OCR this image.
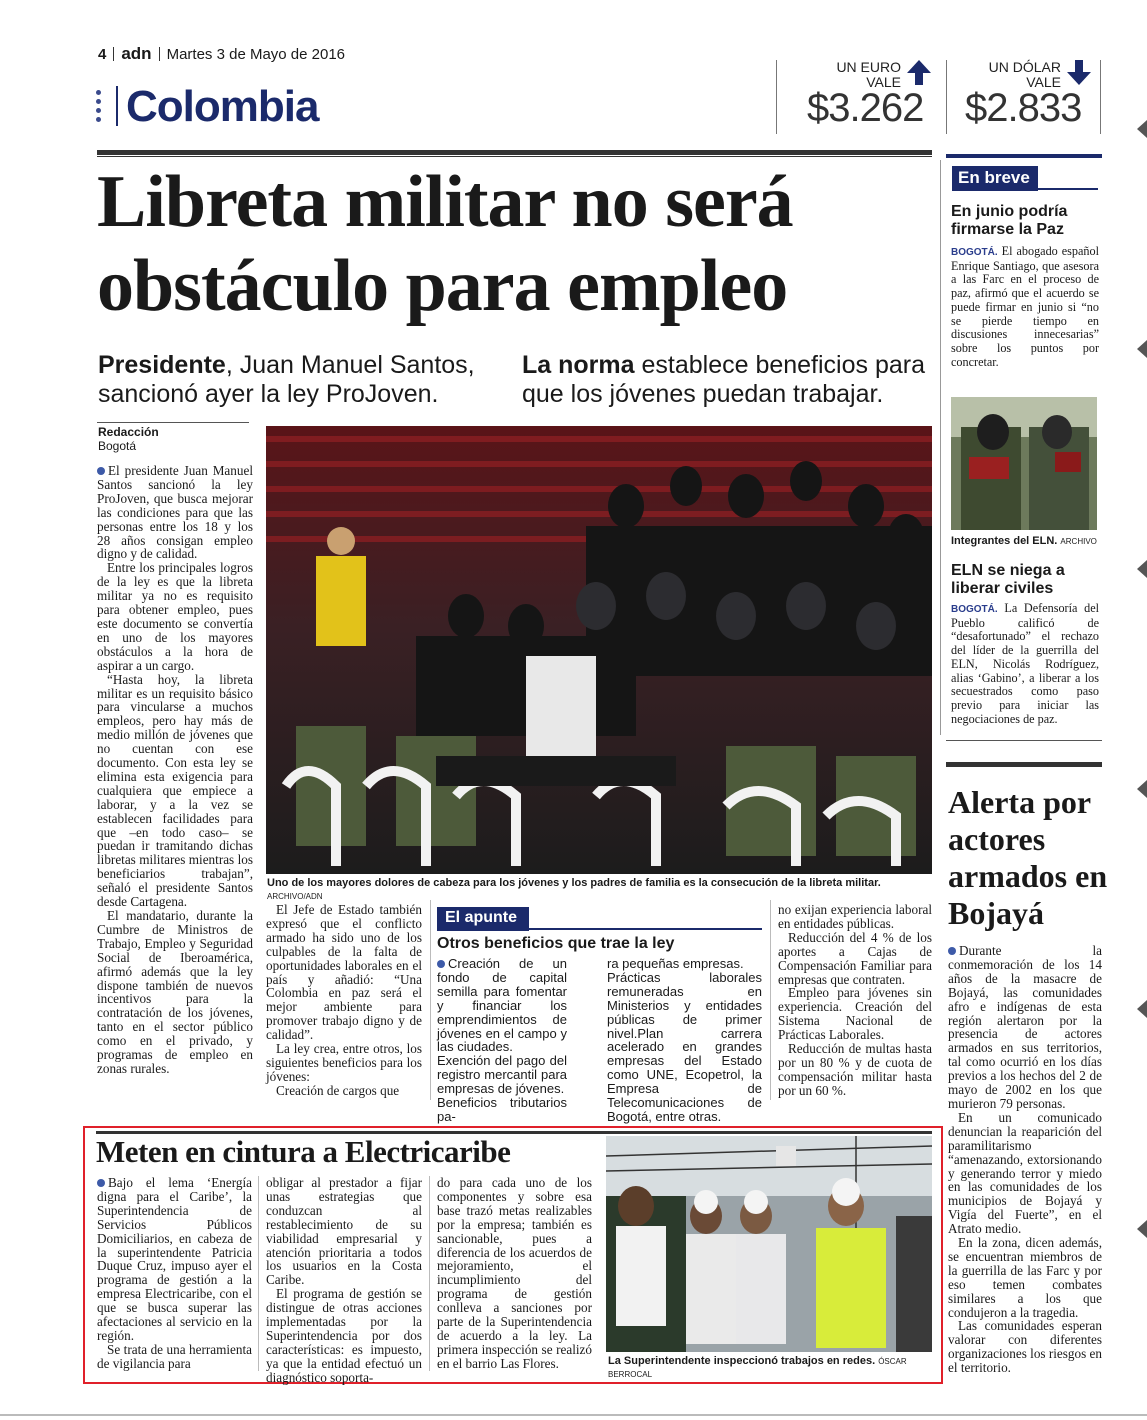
4 adn Martes 3 de Mayo de 2016
Colombia
UN EURO
VALE
$3.262
UN DÓLAR
VALE
$2.833
Libreta militar no será
obstáculo para empleo
Presidente, Juan Manuel Santos, sancionó ayer la ley ProJoven.
La norma establece beneficios para que los jóvenes puedan trabajar.
Redacción
Bogotá

El presidente Juan Manuel Santos sancionó la ley ProJoven, que busca mejorar las condiciones para que las personas entre los 18 y los 28 años consigan empleo digno y de calidad.

Entre los principales logros de la ley es que la libreta militar ya no es requisito para obtener empleo, pues este documento se convertía en uno de los mayores obstáculos a la hora de aspirar a un cargo.

“Hasta hoy, la libreta militar es un requisito básico para vincularse a muchos empleos, pero hay más de medio millón de jóvenes que no cuentan con ese documento. Con esta ley se elimina esta exigencia para cualquiera que empiece a laborar, y a la vez se establecen facilidades para que –en todo caso– se puedan ir tramitando dichas libretas militares mientras los beneficiarios trabajan”, señaló el presidente Santos desde Cartagena.

El mandatario, durante la Cumbre de Ministros de Trabajo, Empleo y Seguridad Social de Iberoamérica, afirmó además que la ley dispone también de nuevos incentivos para la contratación de los jóvenes, tanto en el sector público como en el privado, y programas de empleo en zonas rurales.

Uno de los mayores dolores de cabeza para los jóvenes y los padres de familia es la consecución de la libreta militar. ARCHIVO/ADN

El Jefe de Estado también expresó que el conflicto armado ha sido uno de los culpables de la falta de oportunidades laborales en el país y añadió: “Una Colombia en paz será el mejor ambiente para promover trabajo digno y de calidad”.

La ley crea, entre otros, los siguientes beneficios para los jóvenes:

Creación de cargos que

El apunte
Otros beneficios que trae la ley

Creación de un fondo de capital semilla para fomentar y financiar los emprendimientos de jóvenes en el campo y las ciudades.

Exención del pago del registro mercantil para empresas de jóvenes.

Beneficios tributarios pa-

ra pequeñas empresas.

Prácticas laborales remuneradas en Ministerios y entidades públicas de primer nivel.Plan carrera acelerado en grandes empresas del Estado como UNE, Ecopetrol, la Empresa de Telecomunicaciones de Bogotá, entre otras.

no exijan experiencia laboral en entidades públicas.

Reducción del 4 % de los aportes a Cajas de Compensación Familiar para empresas que contraten.

Empleo para jóvenes sin experiencia. Creación del Sistema Nacional de Prácticas Laborales.

Reducción de multas hasta por un 80 % y de cuota de compensación militar hasta por un 60 %.

En breve
En junio podría firmarse la Paz
BOGOTÁ. El abogado español Enrique Santiago, que asesora a las Farc en el proceso de paz, afirmó que el acuerdo se puede firmar en junio si “no se pierde tiempo en discusiones innecesarias” sobre los puntos por concretar.
Integrantes del ELN. ARCHIVO
ELN se niega a liberar civiles
BOGOTÁ. La Defensoría del Pueblo calificó de “desafortunado” el rechazo del líder de la guerrilla del ELN, Nicolás Rodríguez, alias ‘Gabino’, a liberar a los secuestrados como paso previo para iniciar las negociaciones de paz.
Alerta por actores armados en Bojayá

Durante la conmemoración de los 14 años de la masacre de Bojayá, las comunidades afro e indígenas de esta región alertaron por la presencia de actores armados en sus territorios, tal como ocurrió en los días previos a los hechos del 2 de mayo de 2002 en los que murieron 79 personas.

En un comunicado denuncian la reaparición del paramilitarismo “amenazando, extorsionando y generando terror y miedo en las comunidades de los municipios de Bojayá y Vigía del Fuerte”, en el Atrato medio.

En la zona, dicen además, se encuentran miembros de la guerrilla de las Farc y por eso temen combates similares a los que condujeron a la tragedia.

Las comunidades esperan valorar con diferentes organizaciones los riesgos en el territorio.

Meten en cintura a Electricaribe

Bajo el lema ‘Energía digna para el Caribe’, la Superintendencia de Servicios Públicos Domiciliarios, en cabeza de la superintendente Patricia Duque Cruz, impuso ayer el programa de gestión a la empresa Electricaribe, con el que se busca superar las afectaciones al servicio en la región.

Se trata de una herramienta de vigilancia para

obligar al prestador a fijar unas estrategias que conduzcan al restablecimiento de su viabilidad empresarial y atención prioritaria a todos los usuarios en la Costa Caribe.

El programa de gestión se distingue de otras acciones implementadas por la Superintendencia por dos características: es impuesto, ya que la entidad efectuó un diagnóstico soporta-

do para cada uno de los componentes y sobre esa base trazó metas realizables por la empresa; también es sancionable, pues a diferencia de los acuerdos de mejoramiento, el incumplimiento del programa de gestión conlleva a sanciones por parte de la Superintendencia de acuerdo a la ley. La primera inspección se realizó en el barrio Las Flores.	La Superintendente inspeccionó trabajos en redes. ÓSCAR BERROCAL
